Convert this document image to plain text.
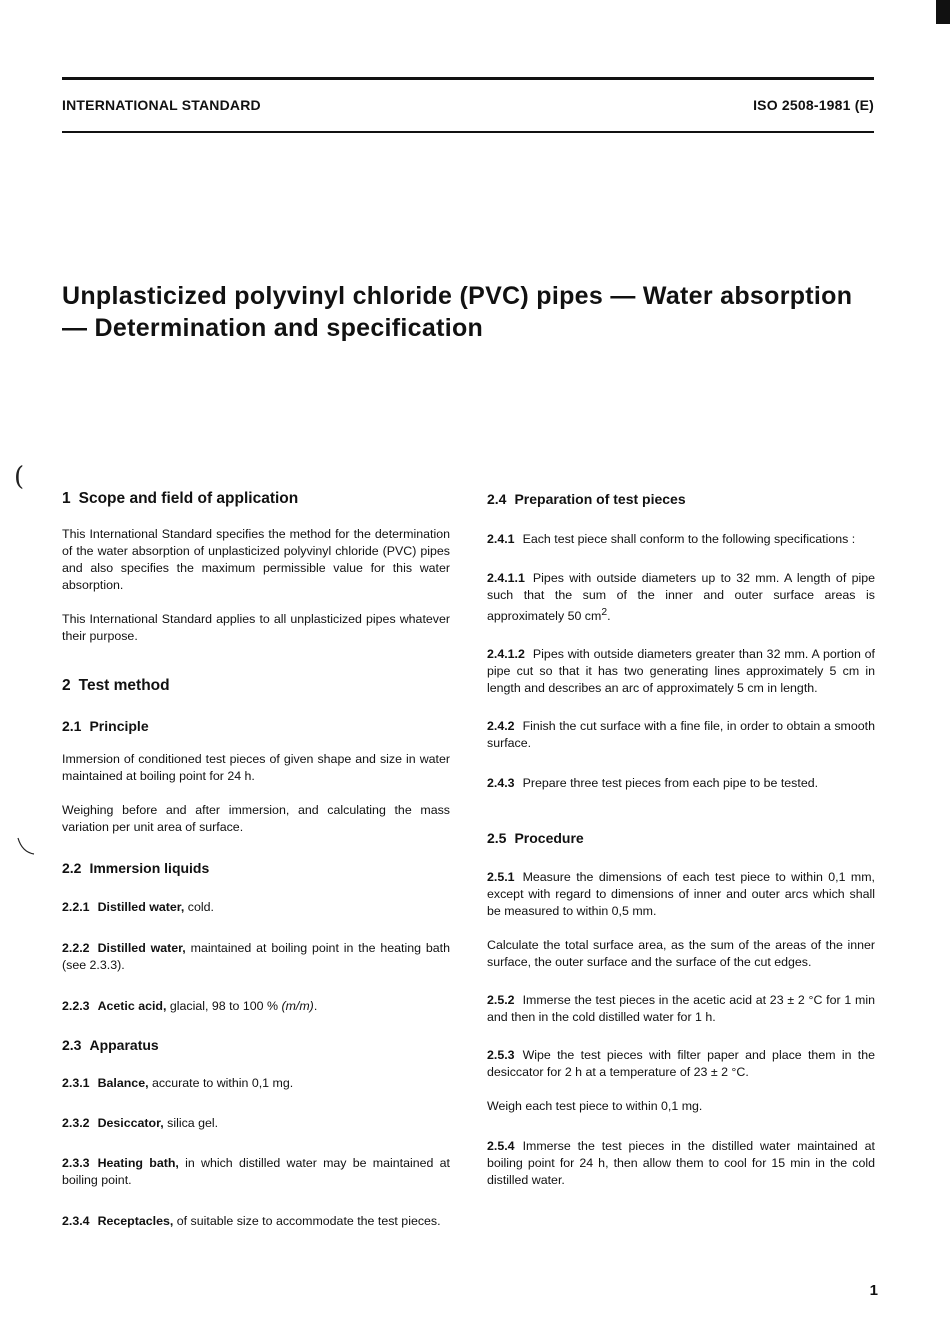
INTERNATIONAL STANDARD	ISO 2508-1981 (E)
Unplasticized polyvinyl chloride (PVC) pipes — Water absorption — Determination and specification
(
1 Scope and field of application

This International Standard specifies the method for the determination of the water absorption of unplasticized polyvinyl chloride (PVC) pipes and also specifies the maximum permissible value for this water absorption.

This International Standard applies to all unplasticized pipes whatever their purpose.

2 Test method
2.1 Principle

Immersion of conditioned test pieces of given shape and size in water maintained at boiling point for 24 h.

Weighing before and after immersion, and calculating the mass variation per unit area of surface.

2.2 Immersion liquids

2.2.1 Distilled water, cold.

2.2.2 Distilled water, maintained at boiling point in the heating bath (see 2.3.3).

2.2.3 Acetic acid, glacial, 98 to 100 % (m/m).

2.3 Apparatus

2.3.1 Balance, accurate to within 0,1 mg.

2.3.2 Desiccator, silica gel.

2.3.3 Heating bath, in which distilled water may be maintained at boiling point.

2.3.4 Receptacles, of suitable size to accommodate the test pieces.

2.4 Preparation of test pieces

2.4.1 Each test piece shall conform to the following specifications :

2.4.1.1 Pipes with outside diameters up to 32 mm. A length of pipe such that the sum of the inner and outer surface areas is approximately 50 $cm^2$.

2.4.1.2 Pipes with outside diameters greater than 32 mm. A portion of pipe cut so that it has two generating lines approximately 5 cm in length and describes an arc of approximately 5 cm in length.

2.4.2 Finish the cut surface with a fine file, in order to obtain a smooth surface.

2.4.3 Prepare three test pieces from each pipe to be tested.

2.5 Procedure

2.5.1 Measure the dimensions of each test piece to within 0,1 mm, except with regard to dimensions of inner and outer arcs which shall be measured to within 0,5 mm.

Calculate the total surface area, as the sum of the areas of the inner surface, the outer surface and the surface of the cut edges.

2.5.2 Immerse the test pieces in the acetic acid at 23 ± 2 °C for 1 min and then in the cold distilled water for 1 h.

2.5.3 Wipe the test pieces with filter paper and place them in the desiccator for 2 h at a temperature of 23 ± 2 °C.

Weigh each test piece to within 0,1 mg.

2.5.4 Immerse the test pieces in the distilled water maintained at boiling point for 24 h, then allow them to cool for 15 min in the cold distilled water.

1
